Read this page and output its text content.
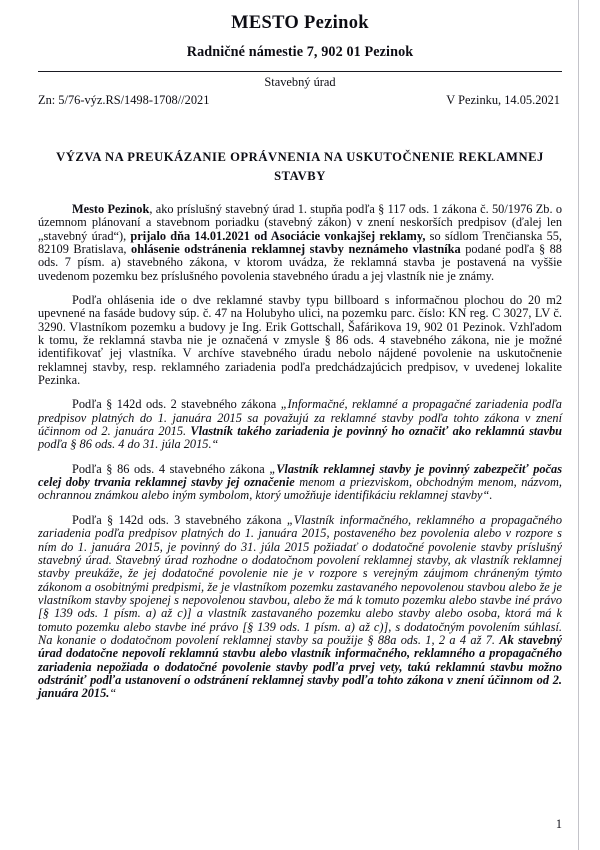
MESTO Pezinok
Radničné námestie 7, 902 01 Pezinok
Stavebný úrad
Zn: 5/76-výz.RS/1498-1708//2021	V Pezinku, 14.05.2021
VÝZVA NA PREUKÁZANIE OPRÁVNENIA NA USKUTOČNENIE REKLAMNEJ STAVBY

Mesto Pezinok, ako príslušný stavebný úrad 1. stupňa podľa § 117 ods. 1 zákona č. 50/1976 Zb. o územnom plánovaní a stavebnom poriadku (stavebný zákon) v znení neskorších predpisov (ďalej len „stavebný úrad“), prijalo dňa 14.01.2021 od Asociácie vonkajšej reklamy, so sídlom Trenčianska 55, 82109 Bratislava, ohlásenie odstránenia reklamnej stavby neznámeho vlastníka podané podľa § 88 ods. 7 písm. a) stavebného zákona, v ktorom uvádza, že reklamná stavba je postavená na vyššie uvedenom pozemku bez príslušného povolenia stavebného úradu a jej vlastník nie je známy.

Podľa ohlásenia ide o dve reklamné stavby typu billboard s informačnou plochou do 20 m2 upevnené na fasáde budovy súp. č. 47 na Holubyho ulici, na pozemku parc. číslo: KN reg. C 3027, LV č. 3290. Vlastníkom pozemku a budovy je Ing. Erik Gottschall, Šafárikova 19, 902 01 Pezinok. Vzhľadom k tomu, že reklamná stavba nie je označená v zmysle § 86 ods. 4 stavebného zákona, nie je možné identifikovať jej vlastníka. V archíve stavebného úradu nebolo nájdené povolenie na uskutočnenie reklamnej stavby, resp. reklamného zariadenia podľa predchádzajúcich predpisov, v uvedenej lokalite Pezinka.

Podľa § 142d ods. 2 stavebného zákona „Informačné, reklamné a propagačné zariadenia podľa predpisov platných do 1. januára 2015 sa považujú za reklamné stavby podľa tohto zákona v znení účinnom od 2. januára 2015. Vlastník takého zariadenia je povinný ho označiť ako reklamnú stavbu podľa § 86 ods. 4 do 31. júla 2015.“

Podľa § 86 ods. 4 stavebného zákona „Vlastník reklamnej stavby je povinný zabezpečiť počas celej doby trvania reklamnej stavby jej označenie menom a priezviskom, obchodným menom, názvom, ochrannou známkou alebo iným symbolom, ktorý umožňuje identifikáciu reklamnej stavby“.

Podľa § 142d ods. 3 stavebného zákona „Vlastník informačného, reklamného a propagačného zariadenia podľa predpisov platných do 1. januára 2015, postaveného bez povolenia alebo v rozpore s ním do 1. januára 2015, je povinný do 31. júla 2015 požiadať o dodatočné povolenie stavby príslušný stavebný úrad. Stavebný úrad rozhodne o dodatočnom povolení reklamnej stavby, ak vlastník reklamnej stavby preukáže, že jej dodatočné povolenie nie je v rozpore s verejným záujmom chráneným týmto zákonom a osobitnými predpismi, že je vlastníkom pozemku zastavaného nepovolenou stavbou alebo že je vlastníkom stavby spojenej s nepovolenou stavbou, alebo že má k tomuto pozemku alebo stavbe iné právo [§ 139 ods. 1 písm. a) až c)] a vlastník zastavaného pozemku alebo stavby alebo osoba, ktorá má k tomuto pozemku alebo stavbe iné právo [§ 139 ods. 1 písm. a) až c)], s dodatočným povolením súhlasí. Na konanie o dodatočnom povolení reklamnej stavby sa použije § 88a ods. 1, 2 a 4 až 7. Ak stavebný úrad dodatočne nepovolí reklamnú stavbu alebo vlastník informačného, reklamného a propagačného zariadenia nepožiada o dodatočné povolenie stavby podľa prvej vety, takú reklamnú stavbu možno odstrániť podľa ustanovení o odstránení reklamnej stavby podľa tohto zákona v znení účinnom od 2. januára 2015.“

1
